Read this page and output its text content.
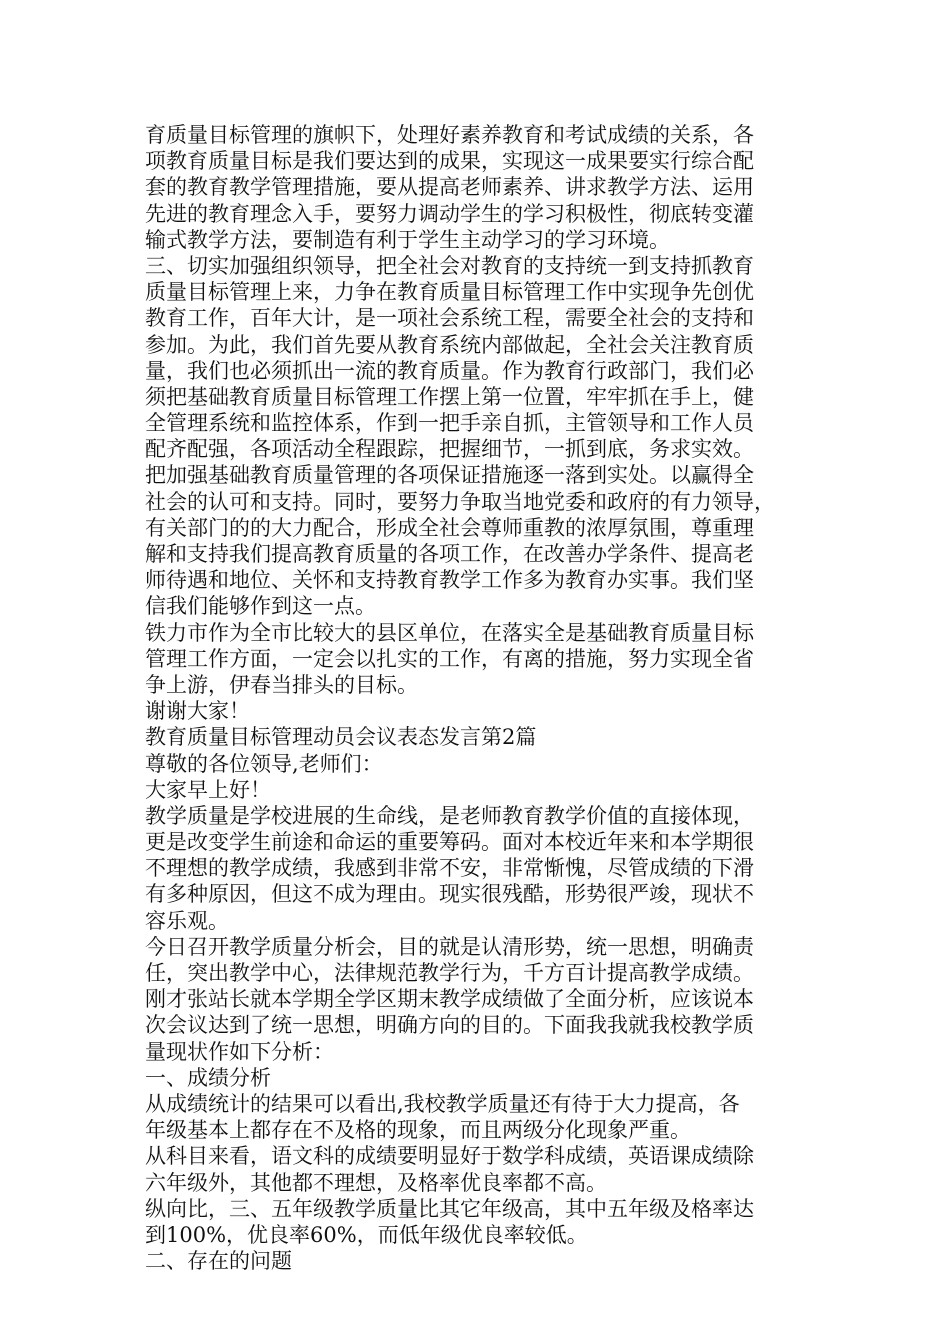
育质量目标管理的旗帜下，处理好素养教育和考试成绩的关系，各
项教育质量目标是我们要达到的成果，实现这一成果要实行综合配
套的教育教学管理措施，要从提高老师素养、讲求教学方法、运用
先进的教育理念入手，要努力调动学生的学习积极性，彻底转变灌
输式教学方法，要制造有利于学生主动学习的学习环境。
三、切实加强组织领导，把全社会对教育的支持统一到支持抓教育
质量目标管理上来，力争在教育质量目标管理工作中实现争先创优
教育工作，百年大计，是一项社会系统工程，需要全社会的支持和
参加。为此，我们首先要从教育系统内部做起，全社会关注教育质
量，我们也必须抓出一流的教育质量。作为教育行政部门，我们必
须把基础教育质量目标管理工作摆上第一位置，牢牢抓在手上，健
全管理系统和监控体系，作到一把手亲自抓，主管领导和工作人员
配齐配强，各项活动全程跟踪，把握细节，一抓到底，务求实效。
把加强基础教育质量管理的各项保证措施逐一落到实处。以赢得全
社会的认可和支持。同时，要努力争取当地党委和政府的有力领导，
有关部门的的大力配合，形成全社会尊师重教的浓厚氛围，尊重理
解和支持我们提高教育质量的各项工作，在改善办学条件、提高老
师待遇和地位、关怀和支持教育教学工作多为教育办实事。我们坚
信我们能够作到这一点。
铁力市作为全市比较大的县区单位，在落实全是基础教育质量目标
管理工作方面，一定会以扎实的工作，有离的措施，努力实现全省
争上游，伊春当排头的目标。
谢谢大家！
教育质量目标管理动员会议表态发言第2篇
尊敬的各位领导,老师们：
大家早上好！
教学质量是学校进展的生命线，是老师教育教学价值的直接体现，
更是改变学生前途和命运的重要筹码。面对本校近年来和本学期很
不理想的教学成绩，我感到非常不安，非常惭愧，尽管成绩的下滑
有多种原因，但这不成为理由。现实很残酷，形势很严竣，现状不
容乐观。
今日召开教学质量分析会，目的就是认清形势，统一思想，明确责
任，突出教学中心，法律规范教学行为，千方百计提高教学成绩。
刚才张站长就本学期全学区期末教学成绩做了全面分析，应该说本
次会议达到了统一思想，明确方向的目的。下面我我就我校教学质
量现状作如下分析：
一、成绩分析
从成绩统计的结果可以看出,我校教学质量还有待于大力提高，各
年级基本上都存在不及格的现象，而且两级分化现象严重。
从科目来看，语文科的成绩要明显好于数学科成绩，英语课成绩除
六年级外，其他都不理想，及格率优良率都不高。
纵向比，三、五年级教学质量比其它年级高，其中五年级及格率达
到100%，优良率60%，而低年级优良率较低。
二、存在的问题
